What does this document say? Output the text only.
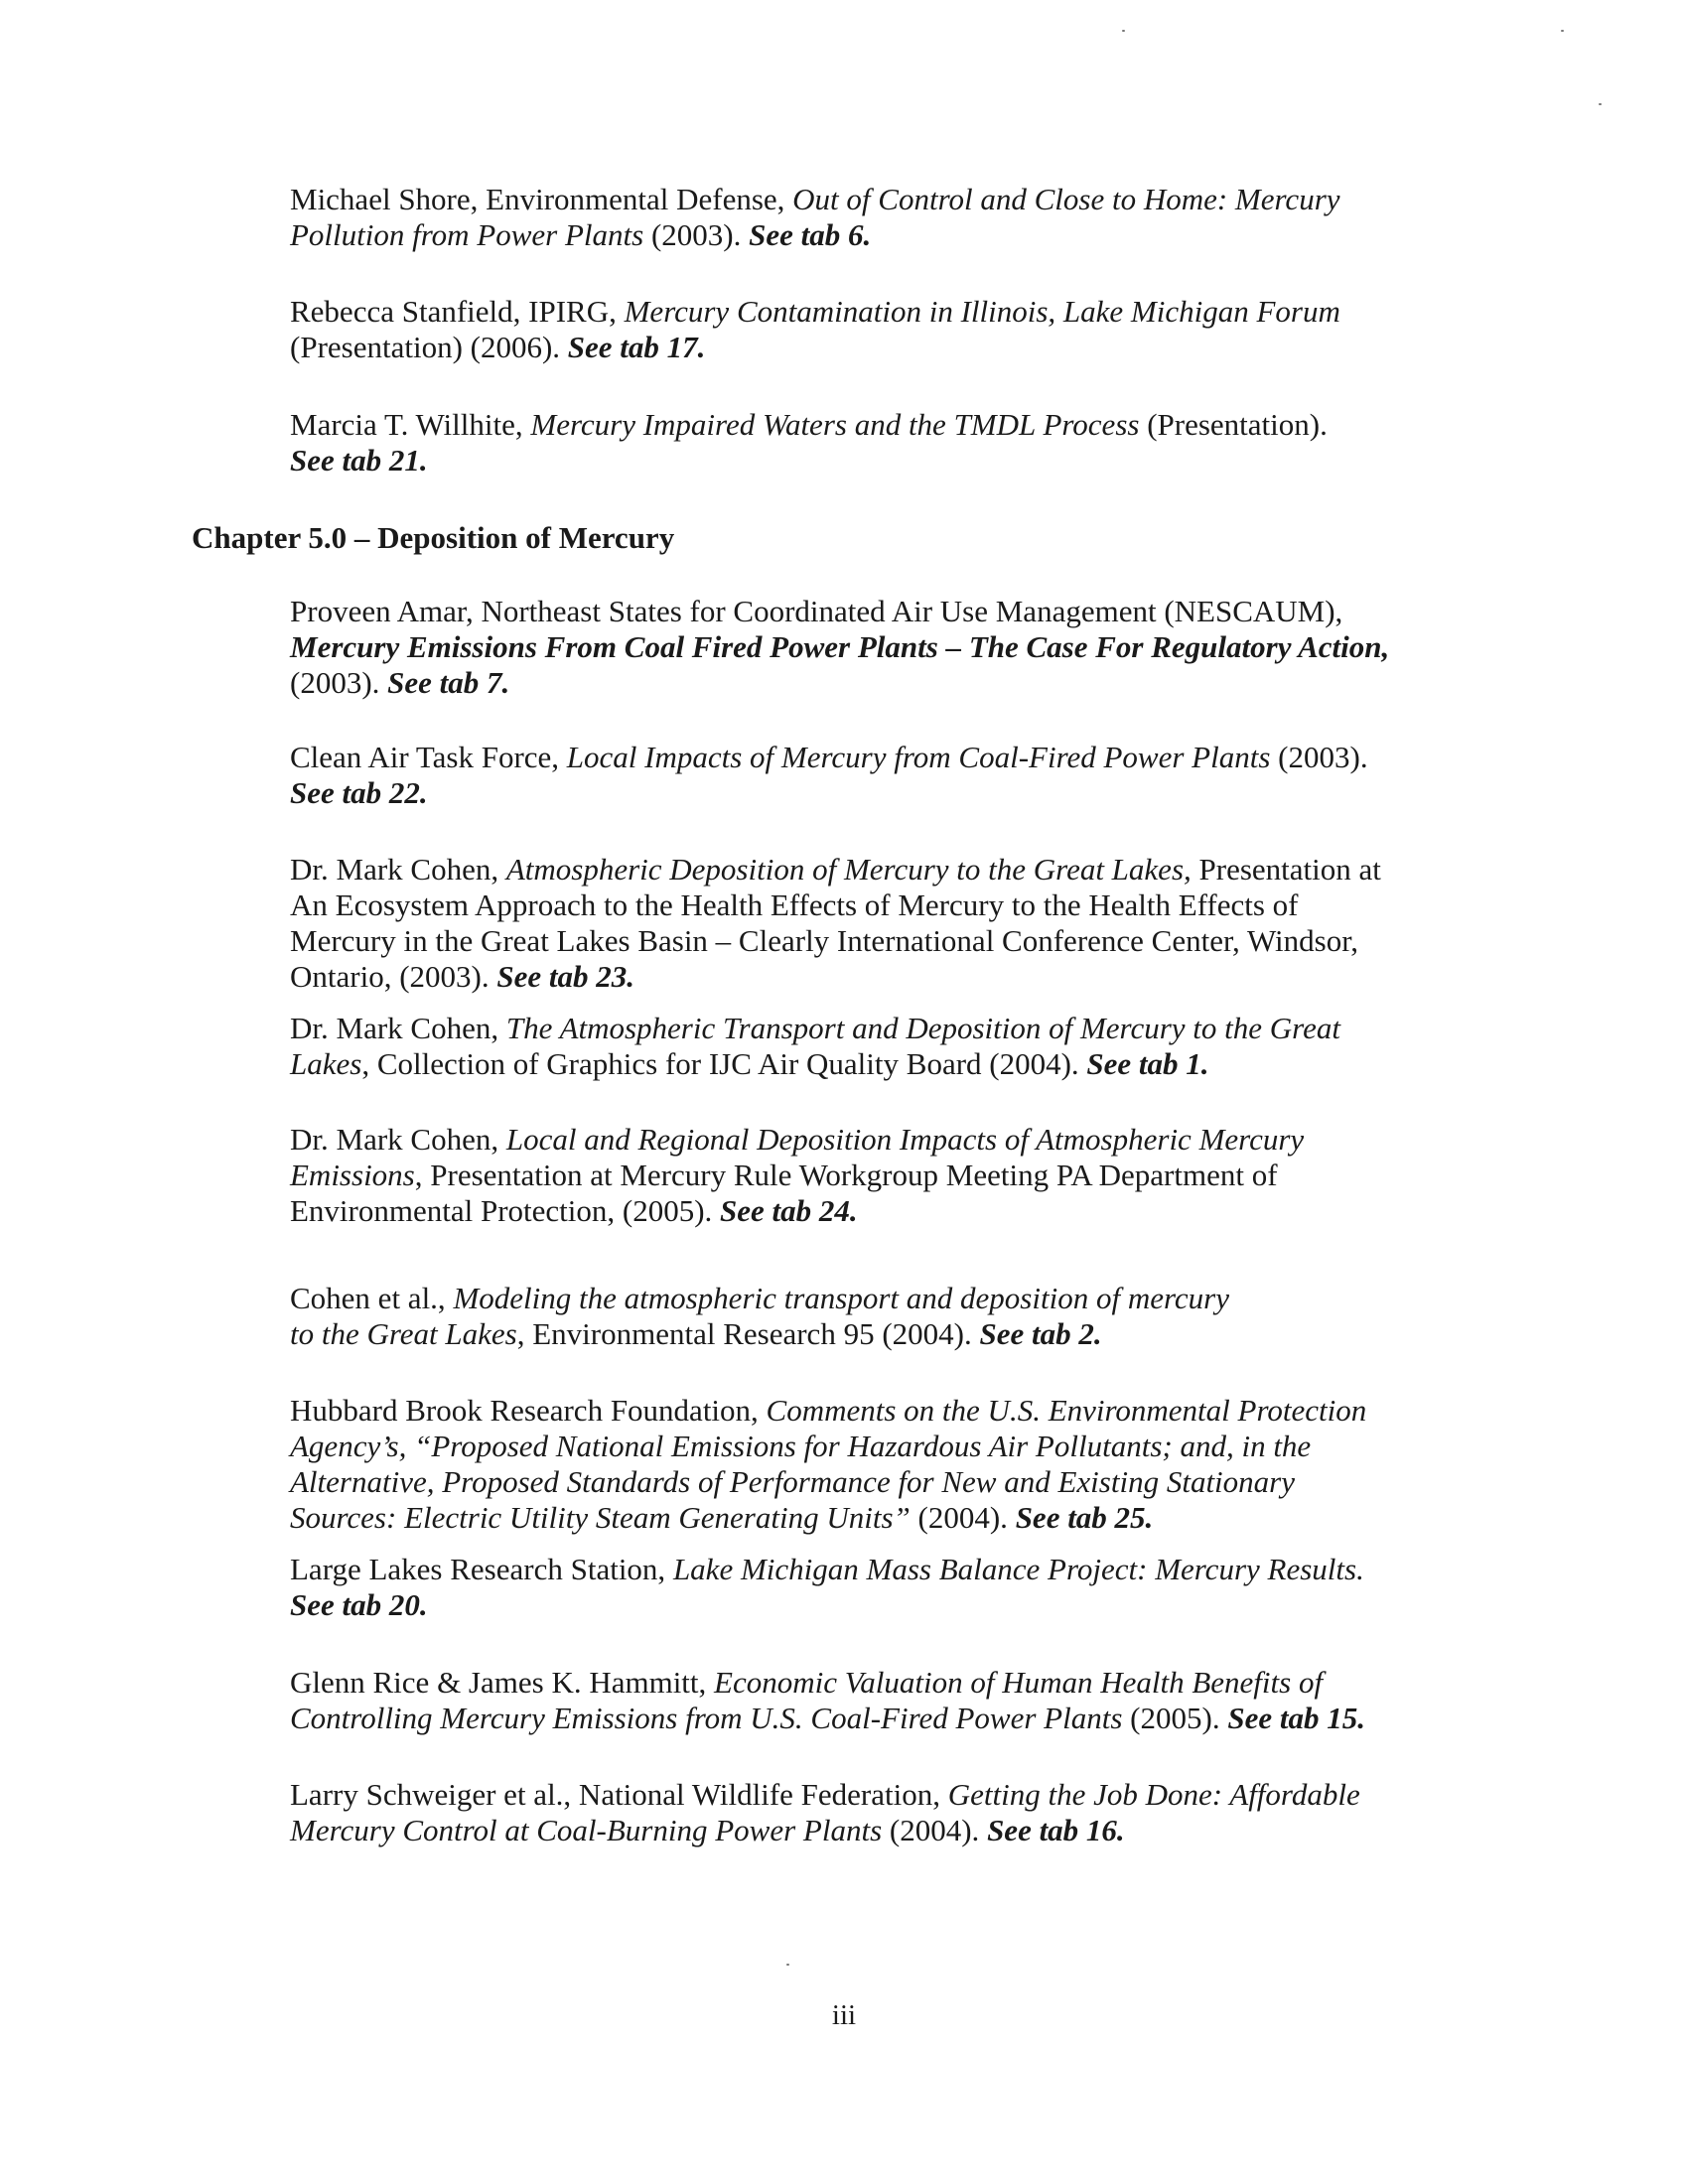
Michael Shore, Environmental Defense, Out of Control and Close to Home: Mercury
Pollution from Power Plants (2003). See tab 6.
Rebecca Stanfield, IPIRG, Mercury Contamination in Illinois, Lake Michigan Forum
(Presentation) (2006). See tab 17.
Marcia T. Willhite, Mercury Impaired Waters and the TMDL Process (Presentation).
See tab 21.
Chapter 5.0 – Deposition of Mercury
Proveen Amar, Northeast States for Coordinated Air Use Management (NESCAUM),
Mercury Emissions From Coal Fired Power Plants – The Case For Regulatory Action,
(2003). See tab 7.
Clean Air Task Force, Local Impacts of Mercury from Coal-Fired Power Plants (2003).
See tab 22.
Dr. Mark Cohen, Atmospheric Deposition of Mercury to the Great Lakes, Presentation at
An Ecosystem Approach to the Health Effects of Mercury to the Health Effects of
Mercury in the Great Lakes Basin – Clearly International Conference Center, Windsor,
Ontario, (2003). See tab 23.
Dr. Mark Cohen, The Atmospheric Transport and Deposition of Mercury to the Great
Lakes, Collection of Graphics for IJC Air Quality Board (2004). See tab 1.
Dr. Mark Cohen, Local and Regional Deposition Impacts of Atmospheric Mercury
Emissions, Presentation at Mercury Rule Workgroup Meeting PA Department of
Environmental Protection, (2005). See tab 24.
Cohen et al., Modeling the atmospheric transport and deposition of mercury
to the Great Lakes, Environmental Research 95 (2004). See tab 2.
Hubbard Brook Research Foundation, Comments on the U.S. Environmental Protection
Agency’s, “Proposed National Emissions for Hazardous Air Pollutants; and, in the
Alternative, Proposed Standards of Performance for New and Existing Stationary
Sources: Electric Utility Steam Generating Units” (2004). See tab 25.
Large Lakes Research Station, Lake Michigan Mass Balance Project: Mercury Results.
See tab 20.
Glenn Rice & James K. Hammitt, Economic Valuation of Human Health Benefits of
Controlling Mercury Emissions from U.S. Coal-Fired Power Plants (2005). See tab 15.
Larry Schweiger et al., National Wildlife Federation, Getting the Job Done: Affordable
Mercury Control at Coal-Burning Power Plants (2004). See tab 16.
iii
